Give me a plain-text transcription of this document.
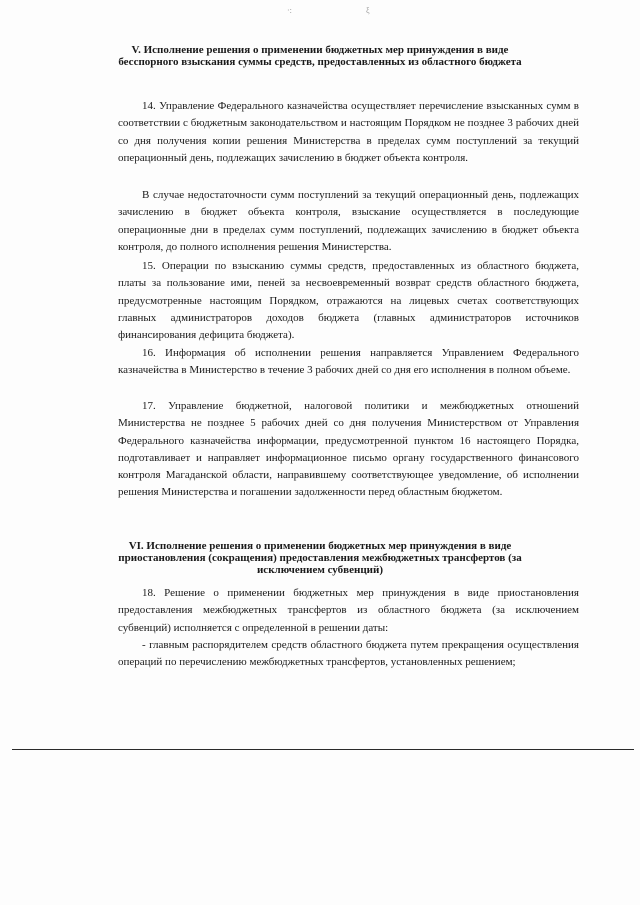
·:	ξ
V. Исполнение решения о применении бюджетных мер принуждения в виде бесспорного взыскания суммы средств, предоставленных из областного бюджета

14. Управление Федерального казначейства осуществляет перечисление взысканных сумм в соответствии с бюджетным законодательством и настоящим Порядком не позднее 3 рабочих дней со дня получения копии решения Министерства в пределах сумм поступлений за текущий операционный день, подлежащих зачислению в бюджет объекта контроля.

В случае недостаточности сумм поступлений за текущий операционный день, подлежащих зачислению в бюджет объекта контроля, взыскание осуществляется в последующие операционные дни в пределах сумм поступлений, подлежащих зачислению в бюджет объекта контроля, до полного исполнения решения Министерства.

15. Операции по взысканию суммы средств, предоставленных из областного бюджета, платы за пользование ими, пеней за несвоевременный возврат средств областного бюджета, предусмотренные настоящим Порядком, отражаются на лицевых счетах соответствующих главных администраторов доходов бюджета (главных администраторов источников финансирования дефицита бюджета).

16. Информация об исполнении решения направляется Управлением Федерального казначейства в Министерство в течение 3 рабочих дней со дня его исполнения в полном объеме.

17. Управление бюджетной, налоговой политики и межбюджетных отношений Министерства не позднее 5 рабочих дней со дня получения Министерством от Управления Федерального казначейства информации, предусмотренной пунктом 16 настоящего Порядка, подготавливает и направляет информационное письмо органу государственного финансового контроля Магаданской области, направившему соответствующее уведомление, об исполнении решения Министерства и погашении задолженности перед областным бюджетом.

VI. Исполнение решения о применении бюджетных мер принуждения в виде приостановления (сокращения) предоставления межбюджетных трансфертов (за исключением субвенций)

18. Решение о применении бюджетных мер принуждения в виде приостановления предоставления межбюджетных трансфертов из областного бюджета (за исключением субвенций) исполняется с определенной в решении даты:

- главным распорядителем средств областного бюджета путем прекращения осуществления операций по перечислению межбюджетных трансфертов, установленных решением;
